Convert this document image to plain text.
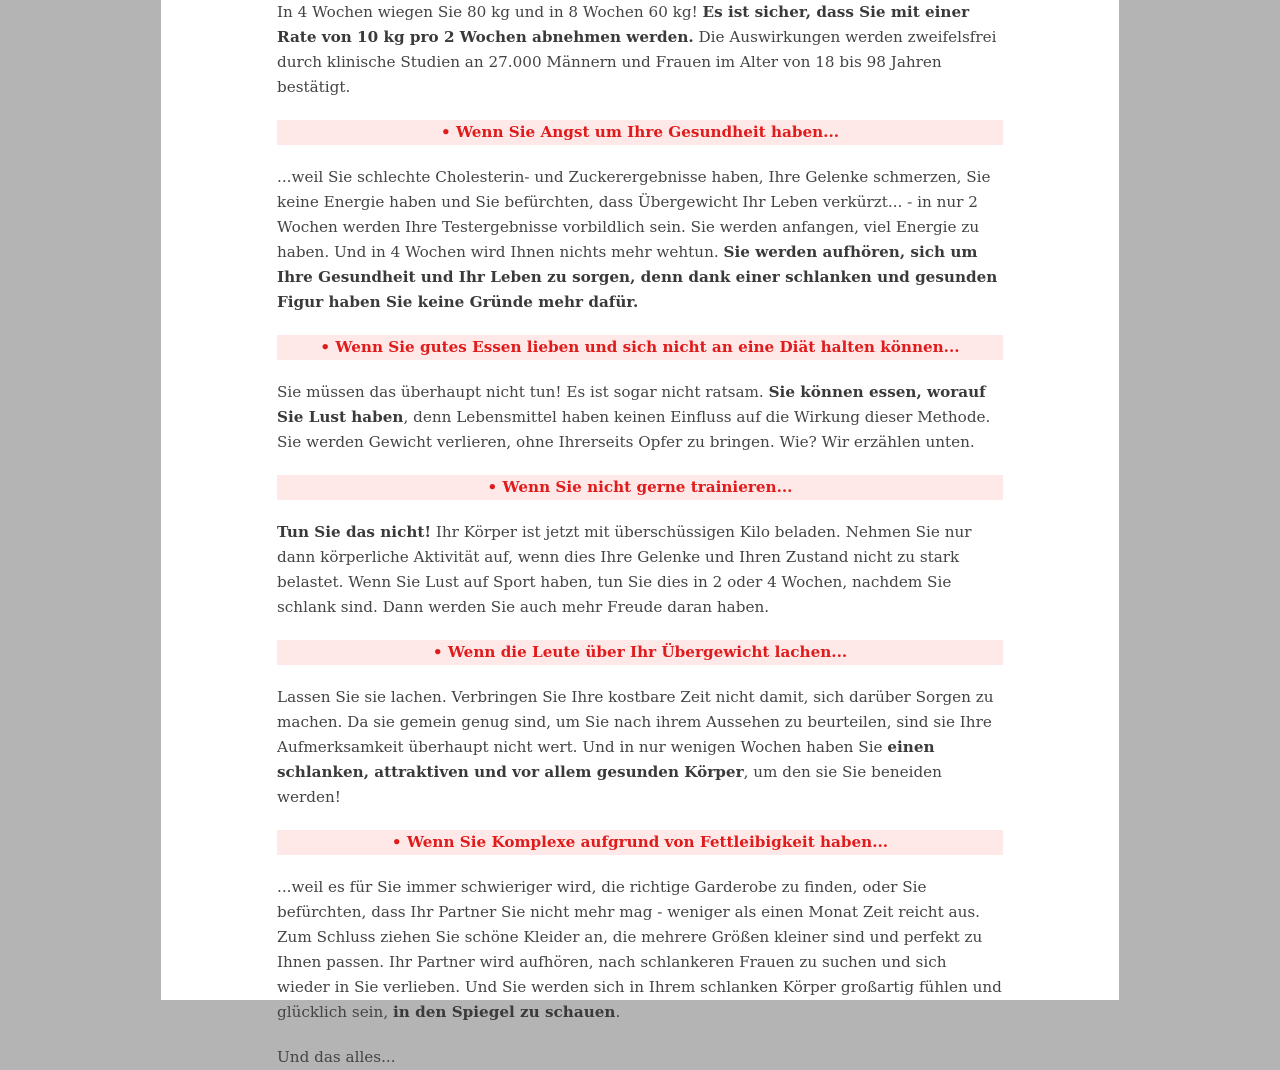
In 4 Wochen wiegen Sie 80 kg und in 8 Wochen 60 kg! Es ist sicher, dass Sie mit einer Rate von 10 kg pro 2 Wochen abnehmen werden. Die Auswirkungen werden zweifelsfrei durch klinische Studien an 27.000 Männern und Frauen im Alter von 18 bis 98 Jahren bestätigt.

• Wenn Sie Angst um Ihre Gesundheit haben...

...weil Sie schlechte Cholesterin- und Zuckerergebnisse haben, Ihre Gelenke schmerzen, Sie keine Energie haben und Sie befürchten, dass Übergewicht Ihr Leben verkürzt... - in nur 2 Wochen werden Ihre Testergebnisse vorbildlich sein. Sie werden anfangen, viel Energie zu haben. Und in 4 Wochen wird Ihnen nichts mehr wehtun. Sie werden aufhören, sich um Ihre Gesundheit und Ihr Leben zu sorgen, denn dank einer schlanken und gesunden Figur haben Sie keine Gründe mehr dafür.

• Wenn Sie gutes Essen lieben und sich nicht an eine Diät halten können...

Sie müssen das überhaupt nicht tun! Es ist sogar nicht ratsam. Sie können essen, worauf Sie Lust haben, denn Lebensmittel haben keinen Einfluss auf die Wirkung dieser Methode. Sie werden Gewicht verlieren, ohne Ihrerseits Opfer zu bringen. Wie? Wir erzählen unten.

• Wenn Sie nicht gerne trainieren...

Tun Sie das nicht! Ihr Körper ist jetzt mit überschüssigen Kilo beladen. Nehmen Sie nur dann körperliche Aktivität auf, wenn dies Ihre Gelenke und Ihren Zustand nicht zu stark belastet. Wenn Sie Lust auf Sport haben, tun Sie dies in 2 oder 4 Wochen, nachdem Sie schlank sind. Dann werden Sie auch mehr Freude daran haben.

• Wenn die Leute über Ihr Übergewicht lachen...

Lassen Sie sie lachen. Verbringen Sie Ihre kostbare Zeit nicht damit, sich darüber Sorgen zu machen. Da sie gemein genug sind, um Sie nach ihrem Aussehen zu beurteilen, sind sie Ihre Aufmerksamkeit überhaupt nicht wert. Und in nur wenigen Wochen haben Sie einen schlanken, attraktiven und vor allem gesunden Körper, um den sie Sie beneiden werden!

• Wenn Sie Komplexe aufgrund von Fettleibigkeit haben...

...weil es für Sie immer schwieriger wird, die richtige Garderobe zu finden, oder Sie befürchten, dass Ihr Partner Sie nicht mehr mag - weniger als einen Monat Zeit reicht aus. Zum Schluss ziehen Sie schöne Kleider an, die mehrere Größen kleiner sind und perfekt zu Ihnen passen. Ihr Partner wird aufhören, nach schlankeren Frauen zu suchen und sich wieder in Sie verlieben. Und Sie werden sich in Ihrem schlanken Körper großartig fühlen und glücklich sein, in den Spiegel zu schauen.

Und das alles...
